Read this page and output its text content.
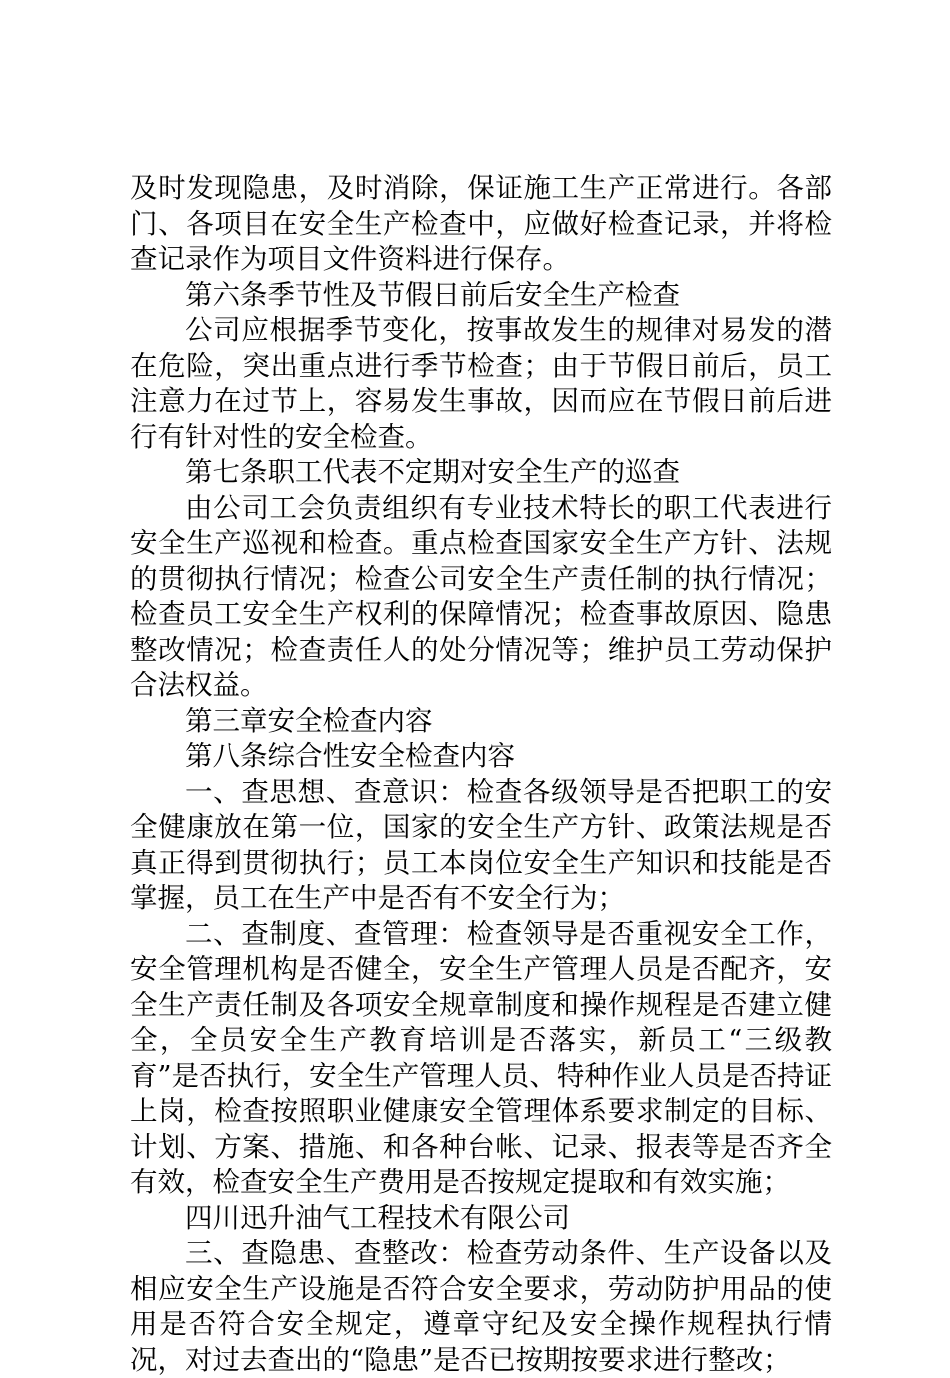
及时发现隐患，及时消除，保证施工生产正常进行。各部门、各项目在安全生产检查中，应做好检查记录，并将检查记录作为项目文件资料进行保存。

第六条季节性及节假日前后安全生产检查

公司应根据季节变化，按事故发生的规律对易发的潜在危险，突出重点进行季节检查；由于节假日前后，员工注意力在过节上，容易发生事故，因而应在节假日前后进行有针对性的安全检查。

第七条职工代表不定期对安全生产的巡查

由公司工会负责组织有专业技术特长的职工代表进行安全生产巡视和检查。重点检查国家安全生产方针、法规的贯彻执行情况；检查公司安全生产责任制的执行情况；检查员工安全生产权利的保障情况；检查事故原因、隐患整改情况；检查责任人的处分情况等；维护员工劳动保护合法权益。

第三章安全检查内容

第八条综合性安全检查内容

一、查思想、查意识：检查各级领导是否把职工的安全健康放在第一位，国家的安全生产方针、政策法规是否真正得到贯彻执行；员工本岗位安全生产知识和技能是否掌握，员工在生产中是否有不安全行为；

二、查制度、查管理：检查领导是否重视安全工作，安全管理机构是否健全，安全生产管理人员是否配齐，安全生产责任制及各项安全规章制度和操作规程是否建立健全，全员安全生产教育培训是否落实，新员工“三级教育”是否执行，安全生产管理人员、特种作业人员是否持证上岗，检查按照职业健康安全管理体系要求制定的目标、计划、方案、措施、和各种台帐、记录、报表等是否齐全有效，检查安全生产费用是否按规定提取和有效实施；

四川迅升油气工程技术有限公司

三、查隐患、查整改：检查劳动条件、生产设备以及相应安全生产设施是否符合安全要求，劳动防护用品的使用是否符合安全规定，遵章守纪及安全操作规程执行情况，对过去查出的“隐患”是否已按期按要求进行整改；
